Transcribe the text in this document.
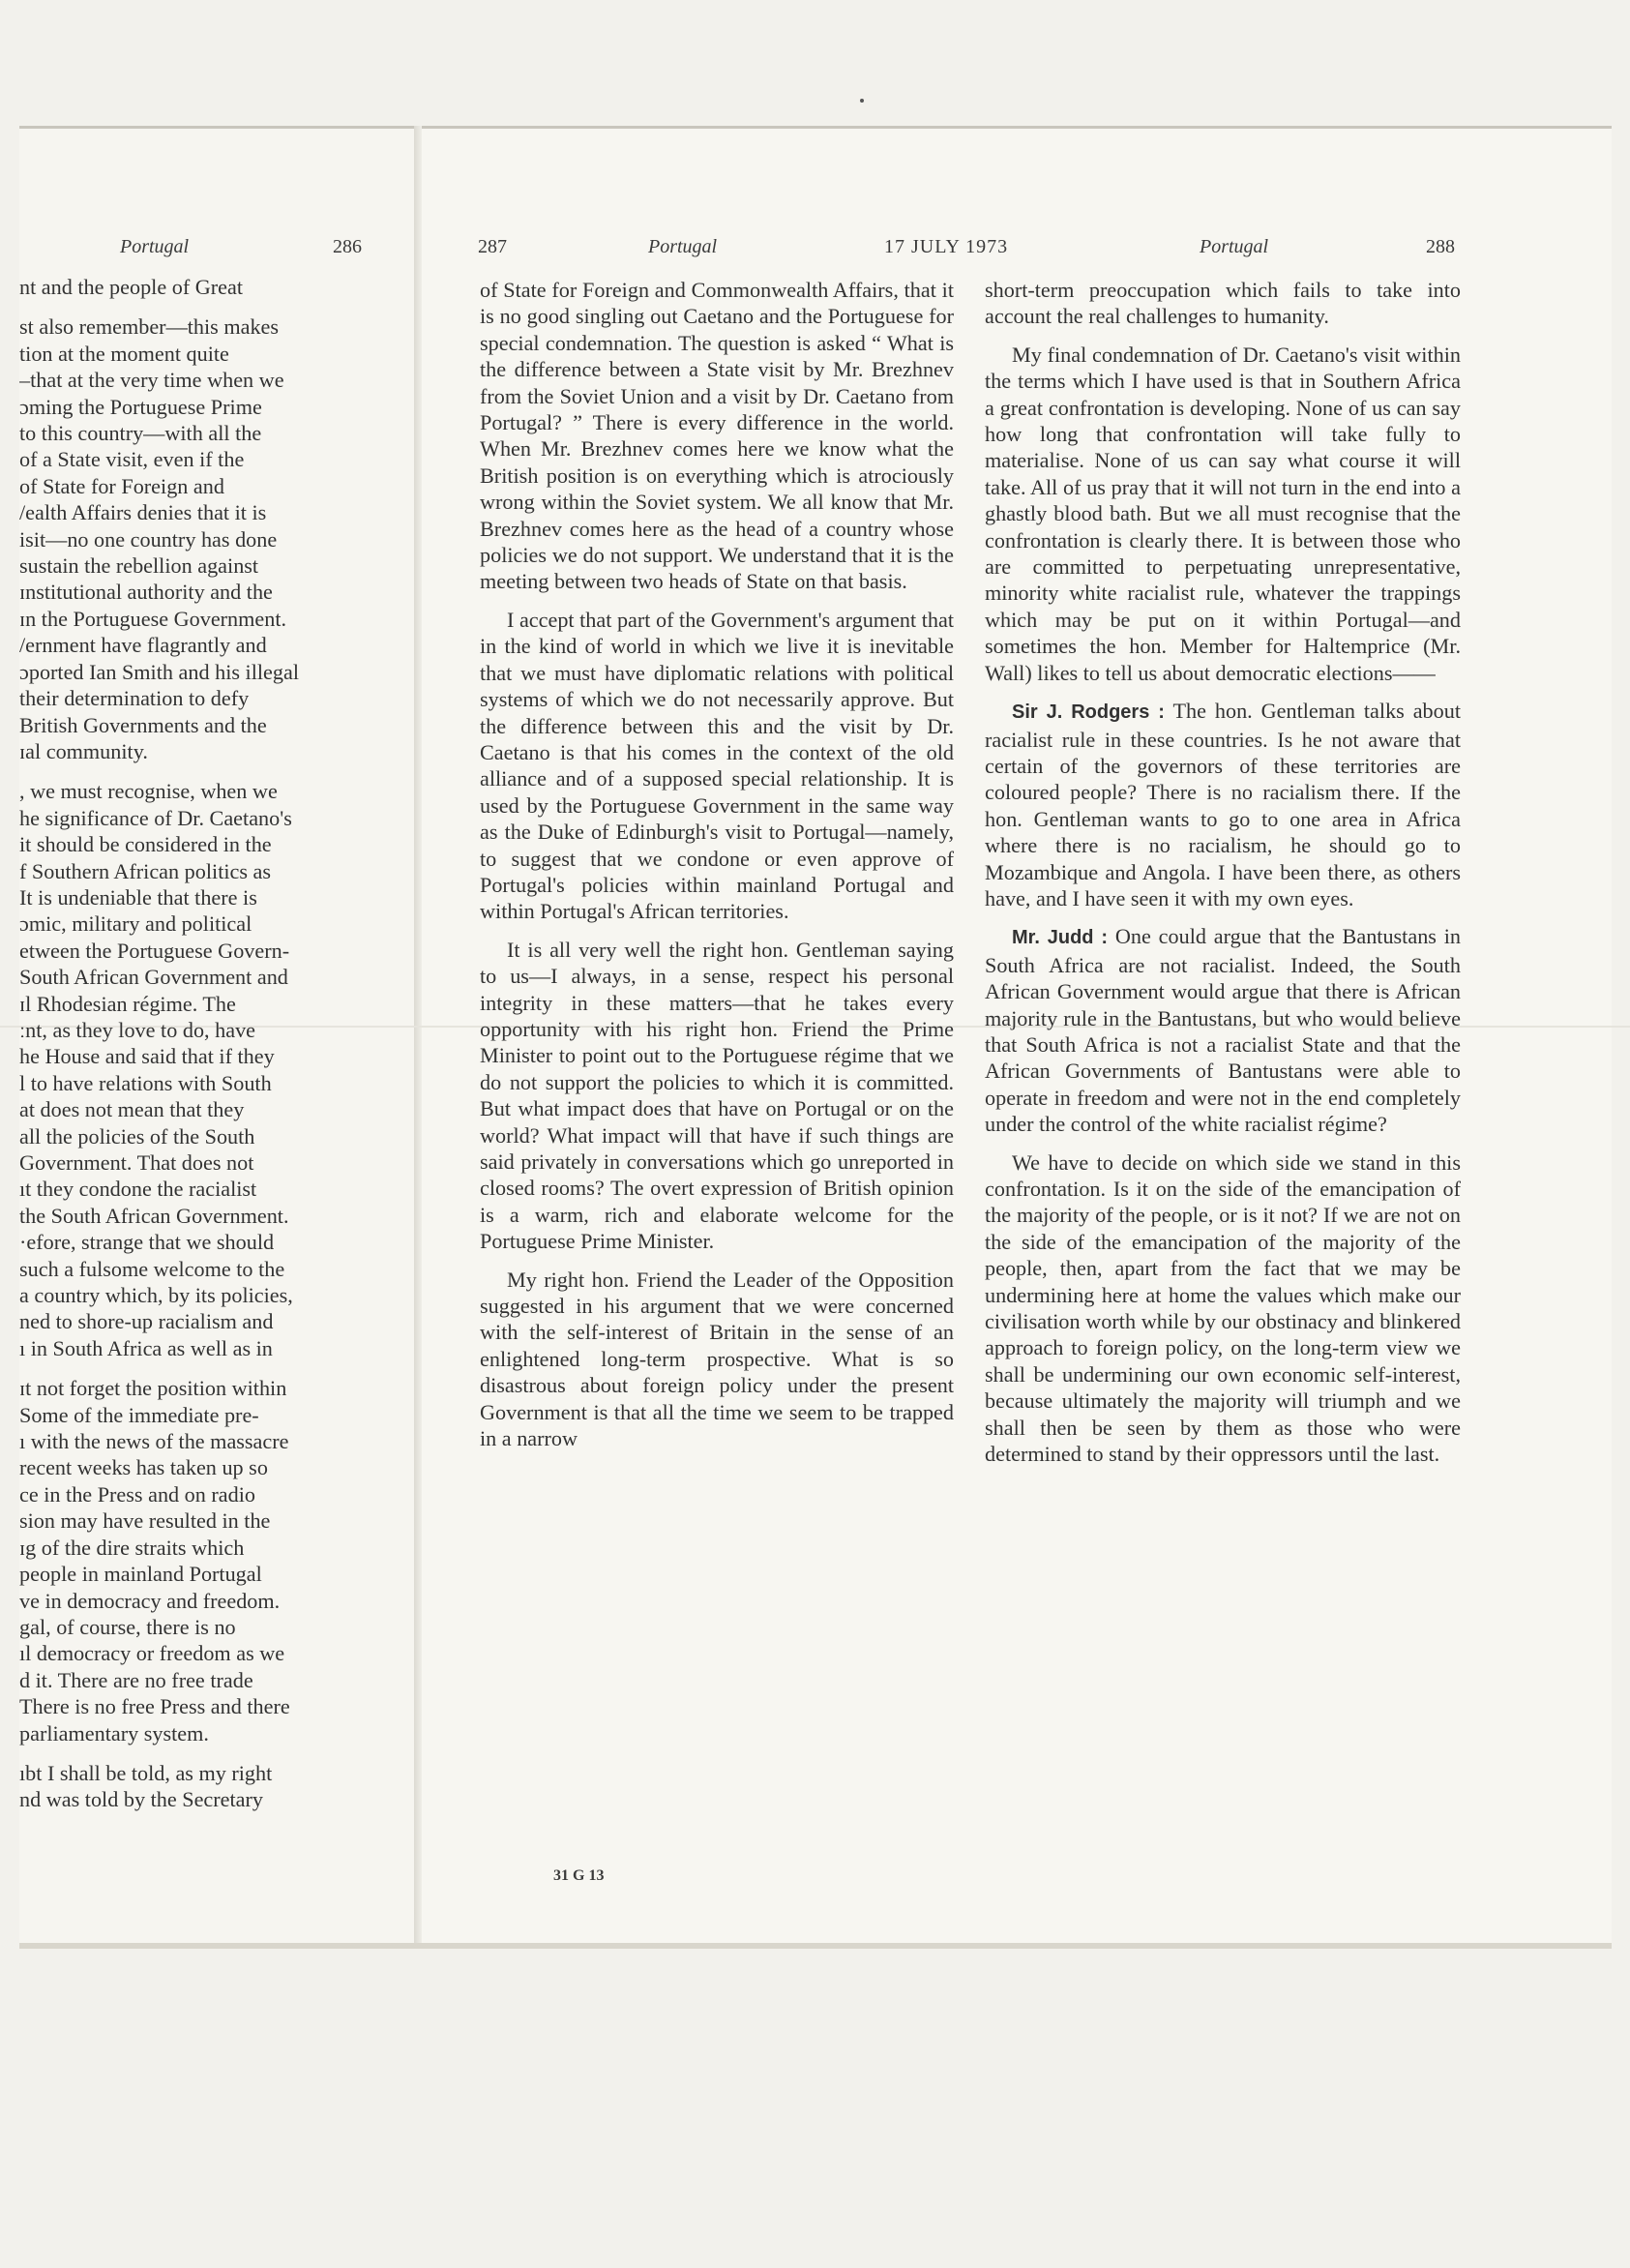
Portugal	286	287	Portugal	17 JULY 1973	Portugal	288

nt and the people of Great

st also remember—this makes

tion at the moment quite

–that at the very time when we

ɔming the Portuguese Prime

to this country—with all the

of a State visit, even if the

of State for Foreign and

/ealth Affairs denies that it is

isit—no one country has done

sustain the rebellion against

ɪnstitutional authority and the

ɪn the Portuguese Government.

/ernment have flagrantly and

ɔported Ian Smith and his illegal

their determination to defy

British Governments and the

ɪal community.

, we must recognise, when we

he significance of Dr. Caetano's

it should be considered in the

f Southern African politics as

It is undeniable that there is

ɔmic, military and political

etween the Portuguese Govern-

South African Government and

ɪl Rhodesian régime. The

ːnt, as they love to do, have

he House and said that if they

l to have relations with South

at does not mean that they

all the policies of the South

Government. That does not

ıt they condone the racialist

the South African Government.

·efore, strange that we should

such a fulsome welcome to the

a country which, by its policies,

ned to shore-up racialism and

ı in South Africa as well as in

ɪt not forget the position within

Some of the immediate pre-

ı with the news of the massacre

recent weeks has taken up so

ce in the Press and on radio

sion may have resulted in the

ɪg of the dire straits which

people in mainland Portugal

ve in democracy and freedom.

gal, of course, there is no

ıl democracy or freedom as we

d it. There are no free trade

There is no free Press and there

parliamentary system.

ıbt I shall be told, as my right

nd was told by the Secretary

of State for Foreign and Commonwealth Affairs, that it is no good singling out Caetano and the Portuguese for special condemnation. The question is asked “ What is the difference between a State visit by Mr. Brezhnev from the Soviet Union and a visit by Dr. Caetano from Portugal? ” There is every difference in the world. When Mr. Brezhnev comes here we know what the British position is on everything which is atrociously wrong within the Soviet system. We all know that Mr. Brezhnev comes here as the head of a country whose policies we do not support. We understand that it is the meeting between two heads of State on that basis.

I accept that part of the Government's argument that in the kind of world in which we live it is inevitable that we must have diplomatic relations with political systems of which we do not necessarily approve. But the difference between this and the visit by Dr. Caetano is that his comes in the context of the old alliance and of a supposed special relationship. It is used by the Portuguese Government in the same way as the Duke of Edinburgh's visit to Portugal—namely, to suggest that we condone or even approve of Portugal's policies within mainland Portugal and within Portugal's African territories.

It is all very well the right hon. Gentleman saying to us—I always, in a sense, respect his personal integrity in these matters—that he takes every opportunity with his right hon. Friend the Prime Minister to point out to the Portuguese régime that we do not support the policies to which it is committed. But what impact does that have on Portugal or on the world? What impact will that have if such things are said privately in conversations which go unreported in closed rooms? The overt expression of British opinion is a warm, rich and elaborate welcome for the Portuguese Prime Minister.

My right hon. Friend the Leader of the Opposition suggested in his argument that we were concerned with the self-interest of Britain in the sense of an enlightened long-term prospective. What is so disastrous about foreign policy under the present Government is that all the time we seem to be trapped in a narrow

31 G 13

short-term preoccupation which fails to take into account the real challenges to humanity.

My final condemnation of Dr. Caetano's visit within the terms which I have used is that in Southern Africa a great confrontation is developing. None of us can say how long that confrontation will take fully to materialise. None of us can say what course it will take. All of us pray that it will not turn in the end into a ghastly blood bath. But we all must recognise that the confrontation is clearly there. It is between those who are committed to perpetuating unrepresentative, minority white racialist rule, whatever the trappings which may be put on it within Portugal—and sometimes the hon. Member for Haltemprice (Mr. Wall) likes to tell us about democratic elections——

Sir J. Rodgers : The hon. Gentleman talks about racialist rule in these countries. Is he not aware that certain of the governors of these territories are coloured people? There is no racialism there. If the hon. Gentleman wants to go to one area in Africa where there is no racialism, he should go to Mozambique and Angola. I have been there, as others have, and I have seen it with my own eyes.

Mr. Judd : One could argue that the Bantustans in South Africa are not racialist. Indeed, the South African Government would argue that there is African majority rule in the Bantustans, but who would believe that South Africa is not a racialist State and that the African Governments of Bantustans were able to operate in freedom and were not in the end completely under the control of the white racialist régime?

We have to decide on which side we stand in this confrontation. Is it on the side of the emancipation of the majority of the people, or is it not? If we are not on the side of the emancipation of the majority of the people, then, apart from the fact that we may be undermining here at home the values which make our civilisation worth while by our obstinacy and blinkered approach to foreign policy, on the long-term view we shall be undermining our own economic self-interest, because ultimately the majority will triumph and we shall then be seen by them as those who were determined to stand by their oppressors until the last.
